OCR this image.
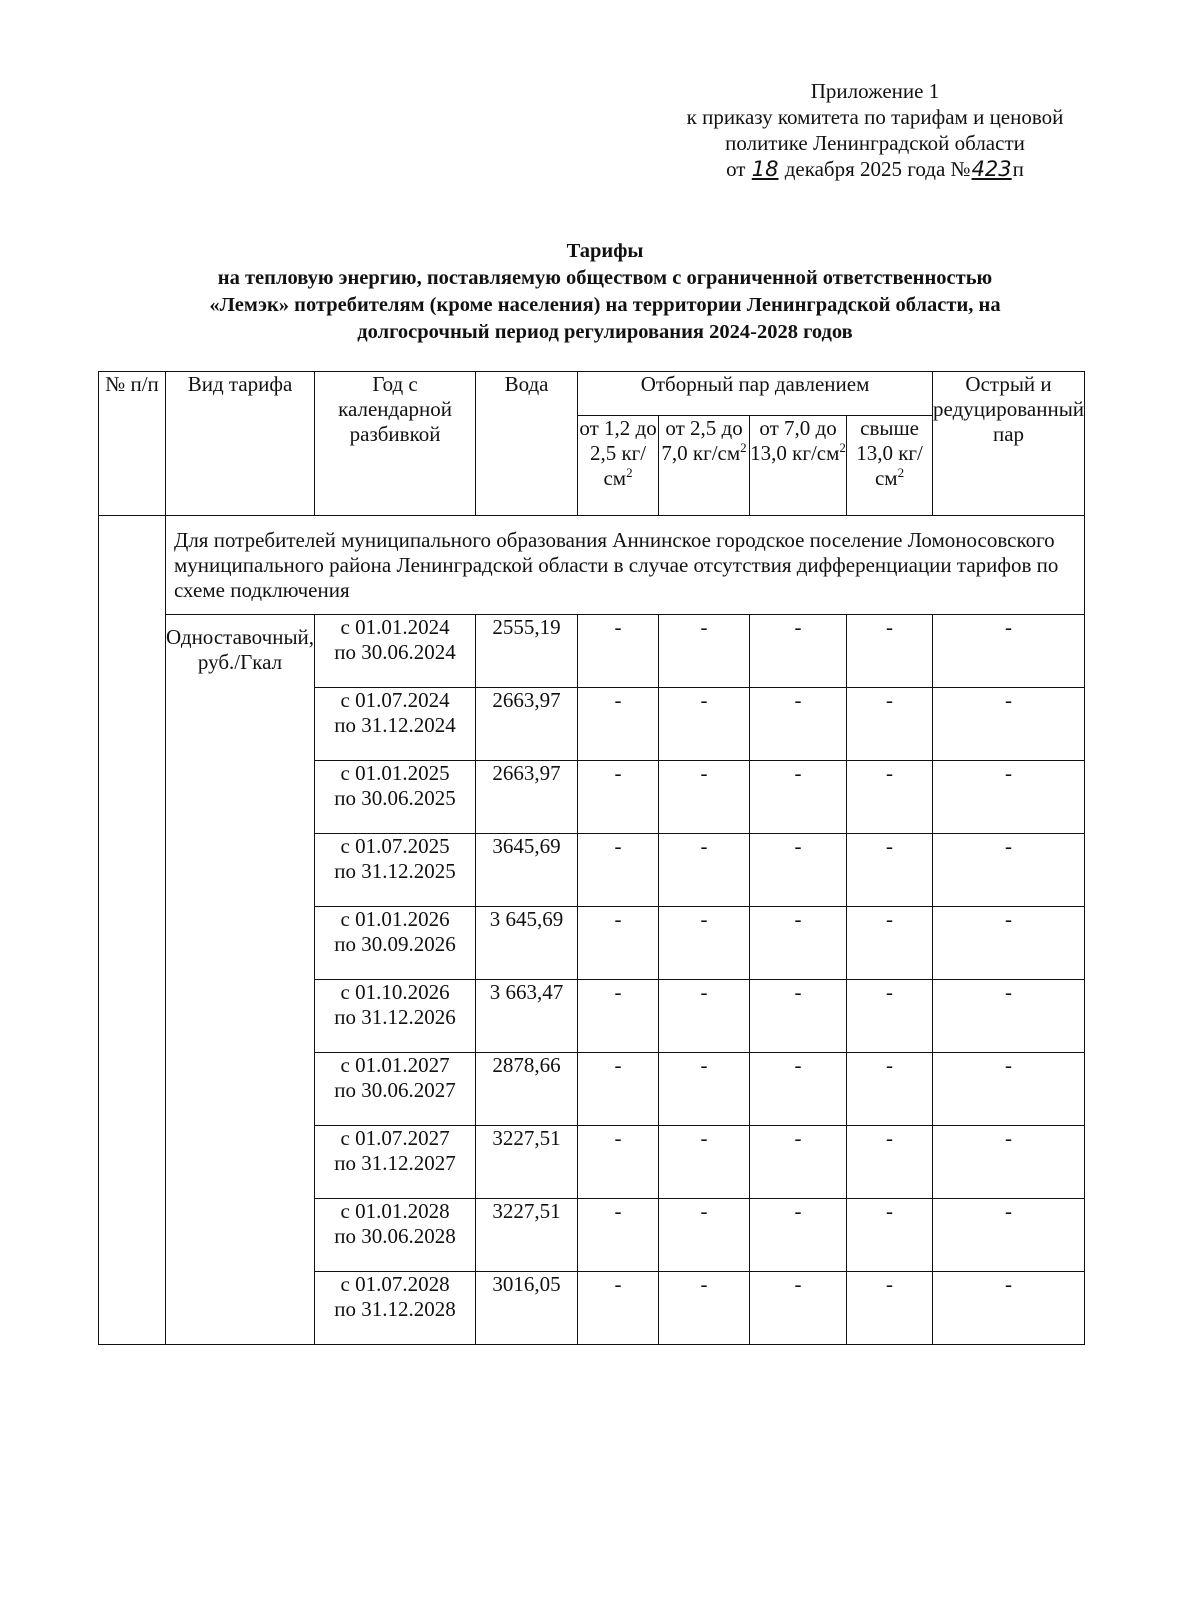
Приложение 1
к приказу комитета по тарифам и ценовой
политике Ленинградской области
от 18 декабря 2025 года №423п
Тарифы
на тепловую энергию, поставляемую обществом с ограниченной ответственностью
«Лемэк» потребителям (кроме населения) на территории Ленинградской области, на
долгосрочный период регулирования 2024-2028 годов
№ п/п	Вид тарифа	Год с календарной разбивкой	Вода	Отборный пар давлением				Острый и редуцированный пар
				от 1,2 до 2,5 $кг/см^2$	от 2,5 до 7,0 $кг/см^2$	от 7,0 до 13,0 $кг/см^2$	свыше 13,0 $кг/см^2$
	Для потребителей муниципального образования Аннинское городское поселение Ломоносовского муниципального района Ленинградской области в случае отсутствия дифференциации тарифов по схеме подключения							
	Одноставочный, руб./Гкал	с 01.01.2024
по 30.06.2024	2555,19	-	-	-	-	-

		с 01.07.2024
по 31.12.2024	2663,97	-	-	-	-	-

		с 01.01.2025
по 30.06.2025	2663,97	-	-	-	-	-

		с 01.07.2025
по 31.12.2025	3645,69	-	-	-	-	-

		с 01.01.2026
по 30.09.2026	3 645,69	-	-	-	-	-

		с 01.10.2026
по 31.12.2026	3 663,47	-	-	-	-	-

		с 01.01.2027
по 30.06.2027	2878,66	-	-	-	-	-

		с 01.07.2027
по 31.12.2027	3227,51	-	-	-	-	-

		с 01.01.2028
по 30.06.2028	3227,51	-	-	-	-	-

		с 01.07.2028
по 31.12.2028	3016,05	-	-	-	-	-
